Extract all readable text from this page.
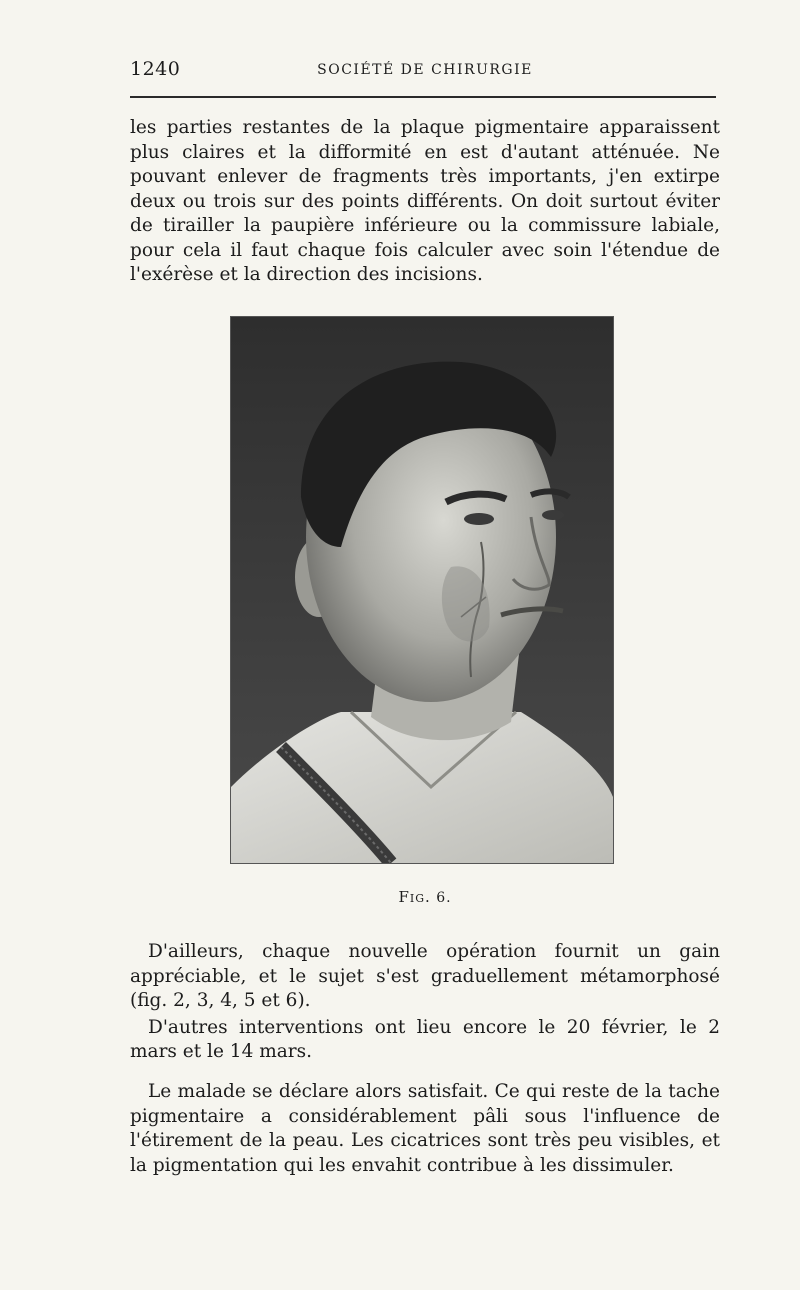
1240	SOCIÉTÉ DE CHIRURGIE

les parties restantes de la plaque pigmentaire apparaissent plus claires et la difformité en est d'autant atténuée. Ne pouvant enlever de fragments très importants, j'en extirpe deux ou trois sur des points différents. On doit surtout éviter de tirailler la paupière inférieure ou la commissure labiale, pour cela il faut chaque fois calculer avec soin l'étendue de l'exérèse et la direction des incisions.

Fig. 6.

D'ailleurs, chaque nouvelle opération fournit un gain appréciable, et le sujet s'est graduellement métamorphosé (fig. 2, 3, 4, 5 et 6).

D'autres interventions ont lieu encore le 20 février, le 2 mars et le 14 mars.

Le malade se déclare alors satisfait. Ce qui reste de la tache pigmentaire a considérablement pâli sous l'influence de l'étirement de la peau. Les cicatrices sont très peu visibles, et la pigmentation qui les envahit contribue à les dissimuler.
